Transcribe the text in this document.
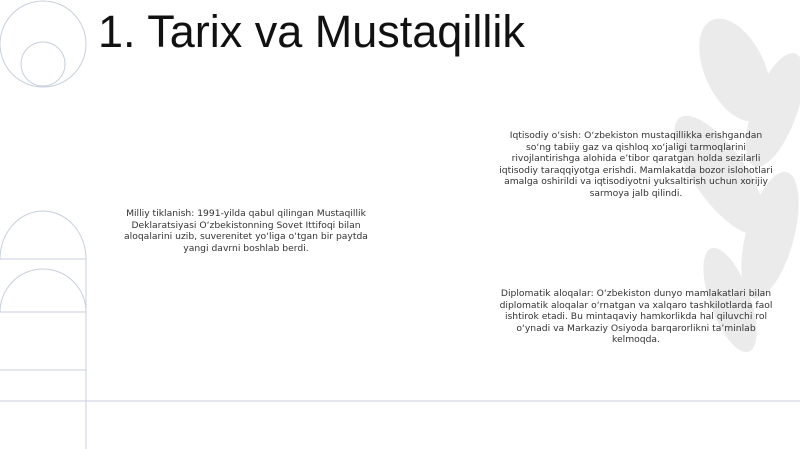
1. Tarix va Mustaqillik
Milliy tiklanish: 1991-yilda qabul qilingan Mustaqillik Deklaratsiyasi O‘zbekistonning Sovet Ittifoqi bilan aloqalarini uzib, suverenitet yo‘liga o‘tgan bir paytda yangi davrni boshlab berdi.
Iqtisodiy o‘sish: O‘zbekiston mustaqillikka erishgandan so‘ng tabiiy gaz va qishloq xo‘jaligi tarmoqlarini rivojlantirishga alohida e’tibor qaratgan holda sezilarli iqtisodiy taraqqiyotga erishdi. Mamlakatda bozor islohotlari amalga oshirildi va iqtisodiyotni yuksaltirish uchun xorijiy sarmoya jalb qilindi.
Diplomatik aloqalar: O‘zbekiston dunyo mamlakatlari bilan diplomatik aloqalar o‘rnatgan va xalqaro tashkilotlarda faol ishtirok etadi. Bu mintaqaviy hamkorlikda hal qiluvchi rol o‘ynadi va Markaziy Osiyoda barqarorlikni ta’minlab kelmoqda.
